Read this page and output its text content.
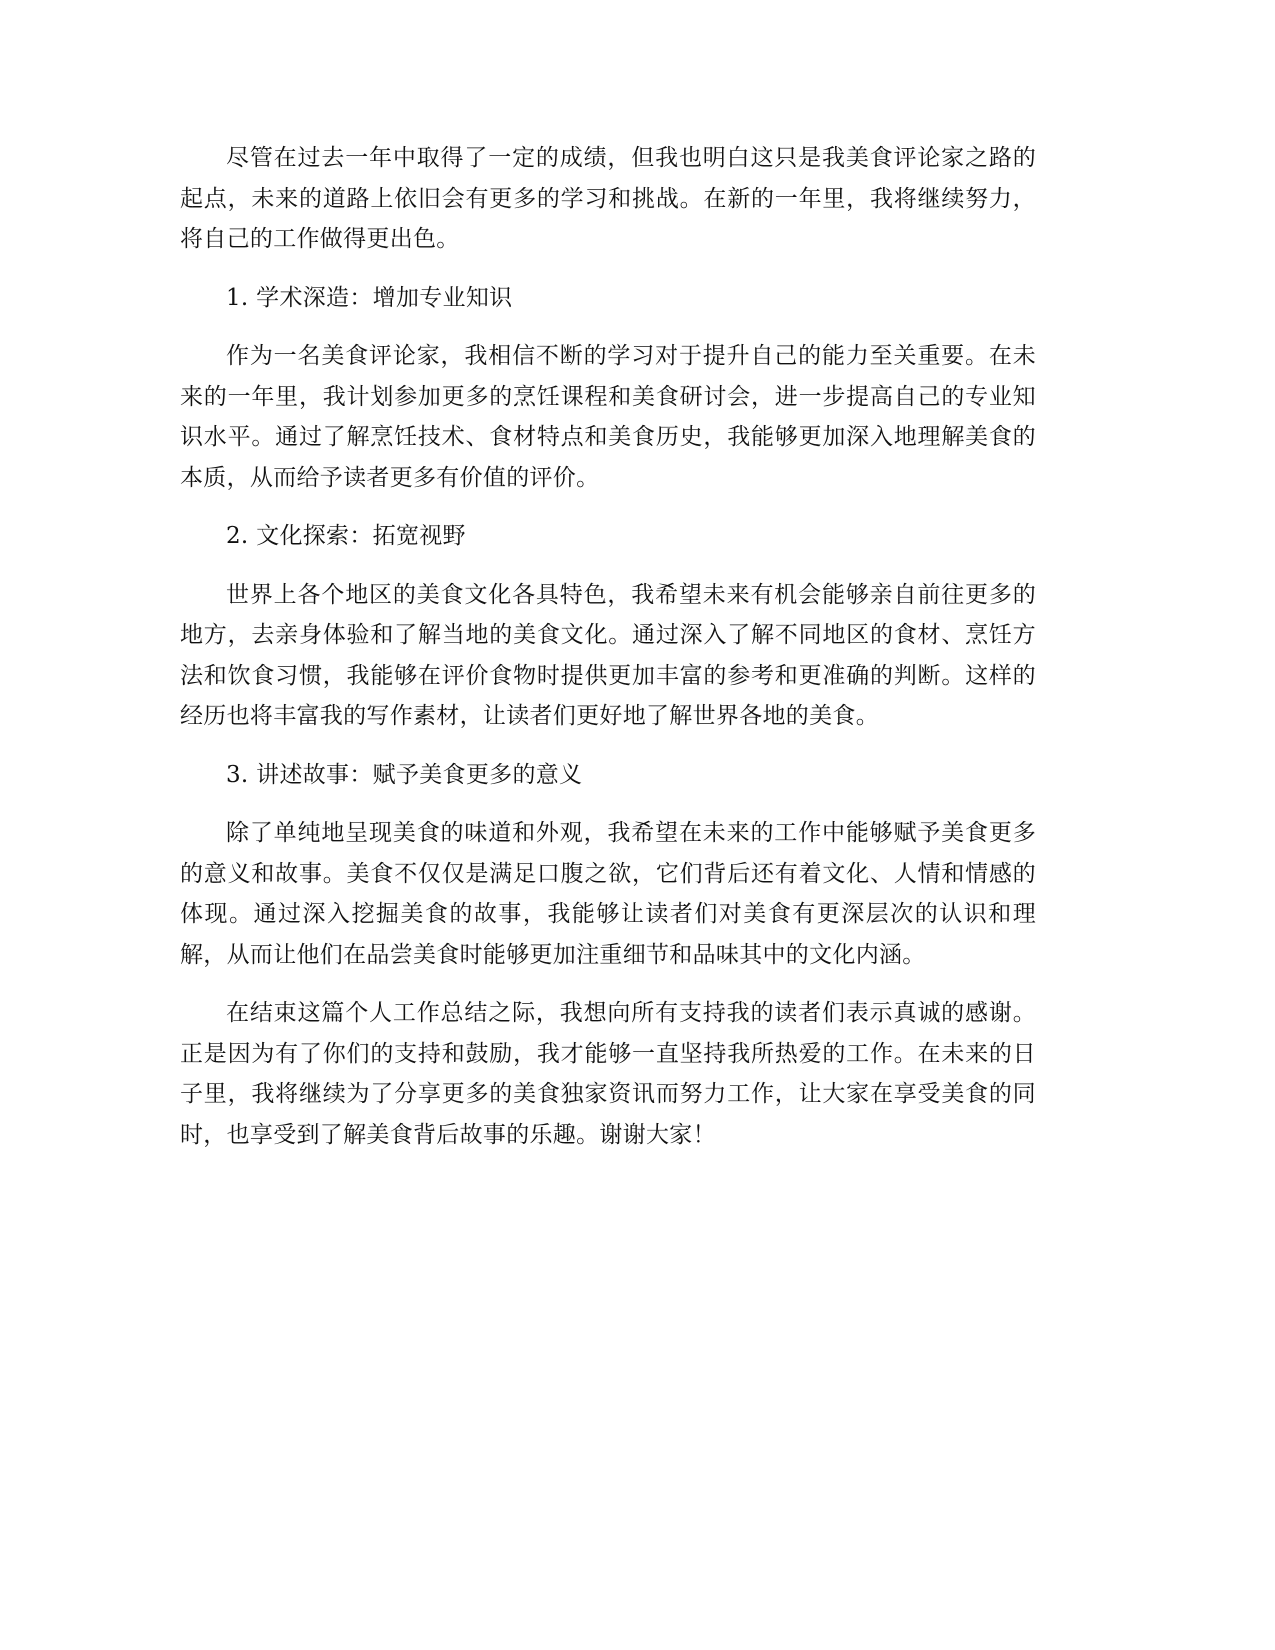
尽管在过去一年中取得了一定的成绩，但我也明白这只是我美食评论家之路的起点，未来的道路上依旧会有更多的学习和挑战。在新的一年里，我将继续努力，将自己的工作做得更出色。

1. 学术深造：增加专业知识

作为一名美食评论家，我相信不断的学习对于提升自己的能力至关重要。在未来的一年里，我计划参加更多的烹饪课程和美食研讨会，进一步提高自己的专业知识水平。通过了解烹饪技术、食材特点和美食历史，我能够更加深入地理解美食的本质，从而给予读者更多有价值的评价。

2. 文化探索：拓宽视野

世界上各个地区的美食文化各具特色，我希望未来有机会能够亲自前往更多的地方，去亲身体验和了解当地的美食文化。通过深入了解不同地区的食材、烹饪方法和饮食习惯，我能够在评价食物时提供更加丰富的参考和更准确的判断。这样的经历也将丰富我的写作素材，让读者们更好地了解世界各地的美食。

3. 讲述故事：赋予美食更多的意义

除了单纯地呈现美食的味道和外观，我希望在未来的工作中能够赋予美食更多的意义和故事。美食不仅仅是满足口腹之欲，它们背后还有着文化、人情和情感的体现。通过深入挖掘美食的故事，我能够让读者们对美食有更深层次的认识和理解，从而让他们在品尝美食时能够更加注重细节和品味其中的文化内涵。

在结束这篇个人工作总结之际，我想向所有支持我的读者们表示真诚的感谢。正是因为有了你们的支持和鼓励，我才能够一直坚持我所热爱的工作。在未来的日子里，我将继续为了分享更多的美食独家资讯而努力工作，让大家在享受美食的同时，也享受到了解美食背后故事的乐趣。谢谢大家！
